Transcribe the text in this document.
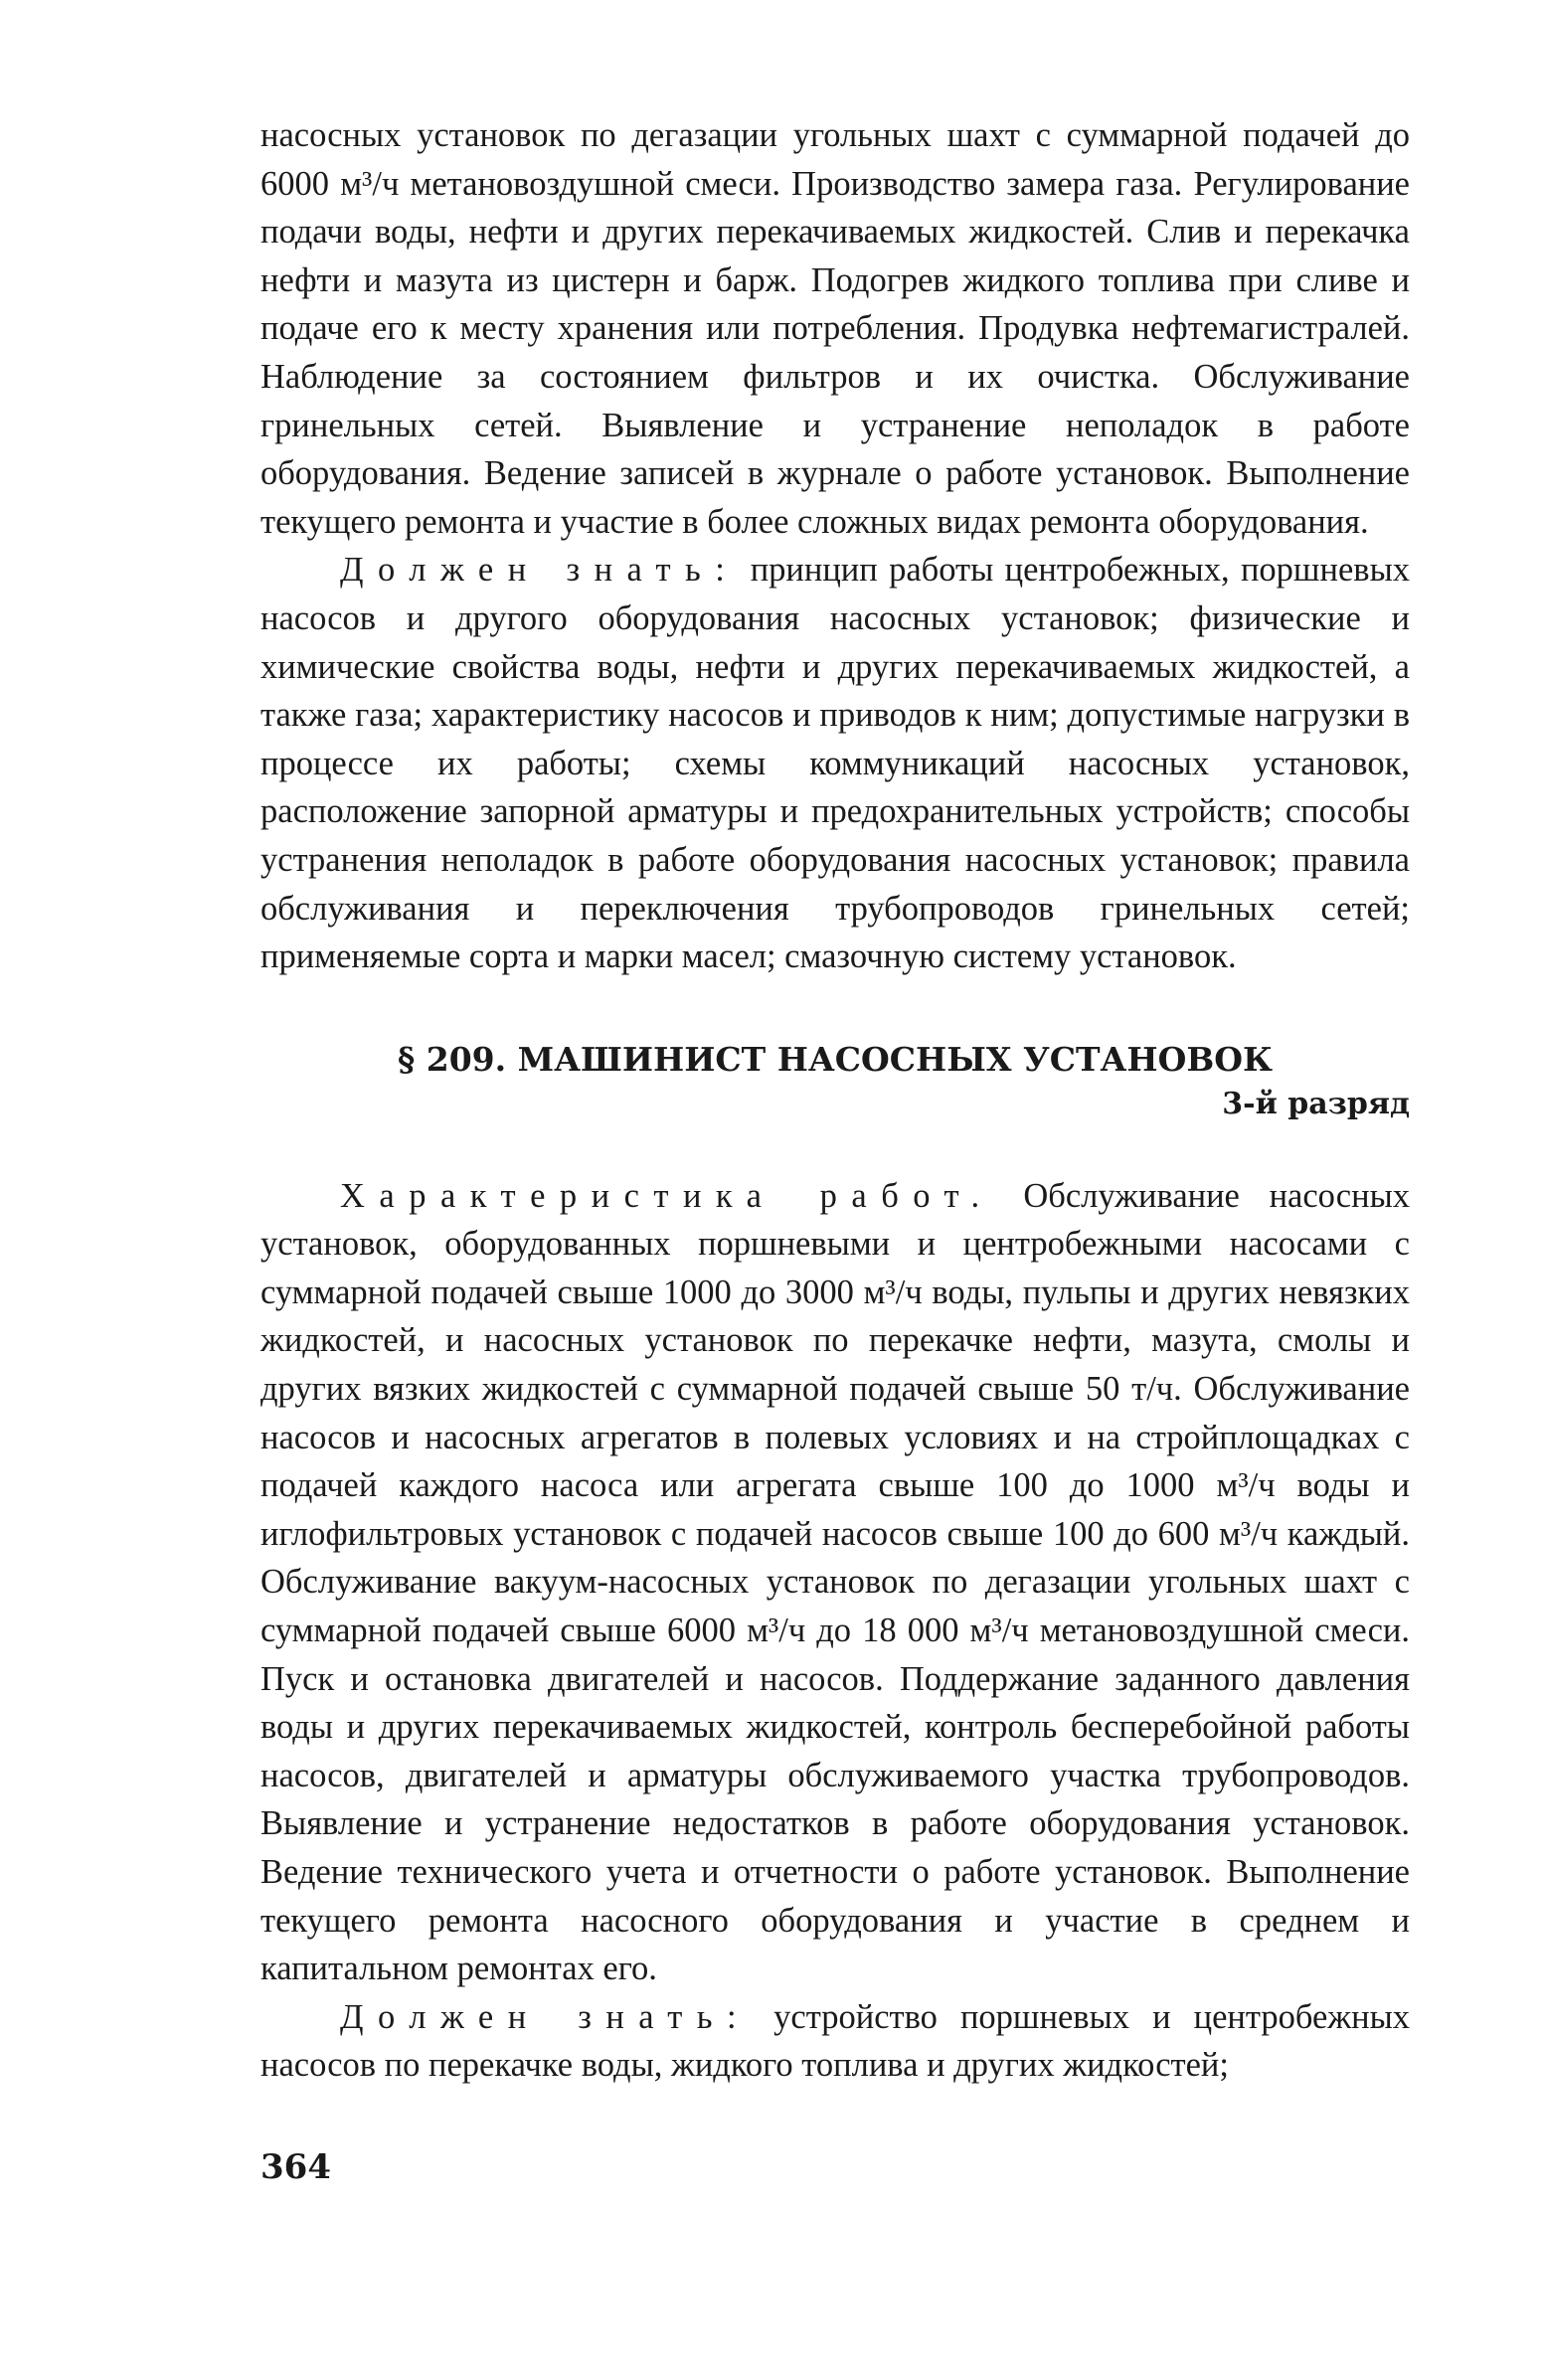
насосных установок по дегазации угольных шахт с суммарной подачей до 6000 м³/ч метановоздушной смеси. Производство замера газа. Регулирование подачи воды, нефти и других перекачиваемых жидкостей. Слив и перекачка нефти и мазута из цистерн и барж. Подогрев жидкого топлива при сливе и подаче его к месту хранения или потребления. Продувка нефтемагистралей. Наблюдение за состоянием фильтров и их очистка. Обслуживание гринельных сетей. Выявление и устранение неполадок в работе оборудования. Ведение записей в журнале о работе установок. Выполнение текущего ремонта и участие в более сложных видах ремонта оборудования.

Должен знать: принцип работы центробежных, поршневых насосов и другого оборудования насосных установок; физические и химические свойства воды, нефти и других перекачиваемых жидкостей, а также газа; характеристику насосов и приводов к ним; допустимые нагрузки в процессе их работы; схемы коммуникаций насосных установок, расположение запорной арматуры и предохранительных устройств; способы устранения неполадок в работе оборудования насосных установок; правила обслуживания и переключения трубопроводов гринельных сетей; применяемые сорта и марки масел; смазочную систему установок.

§ 209. МАШИНИСТ НАСОСНЫХ УСТАНОВОК

3-й разряд

Характеристика работ. Обслуживание насосных установок, оборудованных поршневыми и центробежными насосами с суммарной подачей свыше 1000 до 3000 м³/ч воды, пульпы и других невязких жидкостей, и насосных установок по перекачке нефти, мазута, смолы и других вязких жидкостей с суммарной подачей свыше 50 т/ч. Обслуживание насосов и насосных агрегатов в полевых условиях и на стройплощадках с подачей каждого насоса или агрегата свыше 100 до 1000 м³/ч воды и иглофильтровых установок с подачей насосов свыше 100 до 600 м³/ч каждый. Обслуживание вакуум-насосных установок по дегазации угольных шахт с суммарной подачей свыше 6000 м³/ч до 18 000 м³/ч метановоздушной смеси. Пуск и остановка двигателей и насосов. Поддержание заданного давления воды и других перекачиваемых жидкостей, контроль бесперебойной работы насосов, двигателей и арматуры обслуживаемого участка трубопроводов. Выявление и устранение недостатков в работе оборудования установок. Ведение технического учета и отчетности о работе установок. Выполнение текущего ремонта насосного оборудования и участие в среднем и капитальном ремонтах его.

Должен знать: устройство поршневых и центробежных насосов по перекачке воды, жидкого топлива и других жидкостей;

364
